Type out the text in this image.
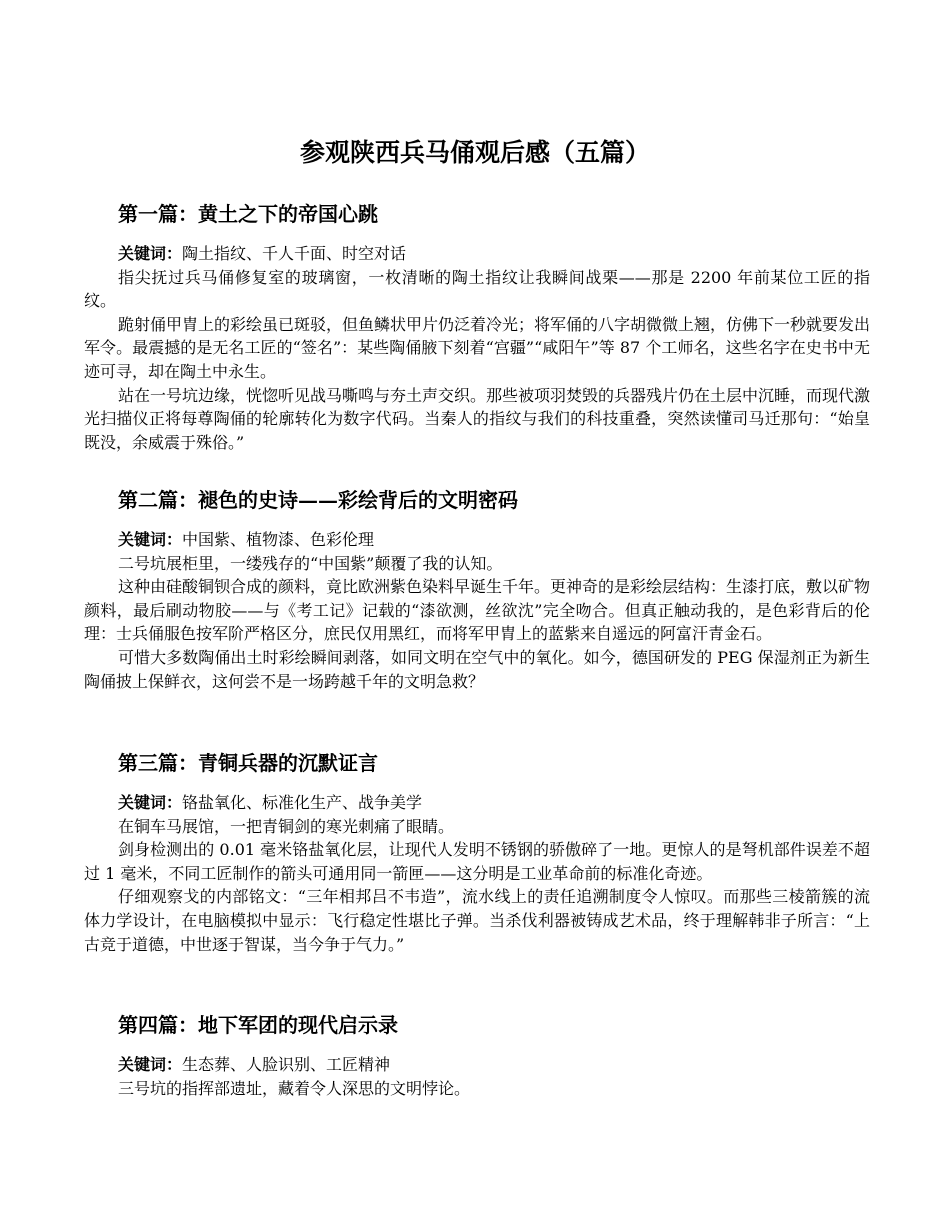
参观陕西兵马俑观后感（五篇）
第一篇：黄土之下的帝国心跳

关键词：陶土指纹、千人千面、时空对话

指尖抚过兵马俑修复室的玻璃窗，一枚清晰的陶土指纹让我瞬间战栗——那是 2200 年前某位工匠的指纹。

跪射俑甲胄上的彩绘虽已斑驳，但鱼鳞状甲片仍泛着冷光；将军俑的八字胡微微上翘，仿佛下一秒就要发出军令。最震撼的是无名工匠的“签名”：某些陶俑腋下刻着“宫疆”“咸阳午”等 87 个工师名，这些名字在史书中无迹可寻，却在陶土中永生。

站在一号坑边缘，恍惚听见战马嘶鸣与夯土声交织。那些被项羽焚毁的兵器残片仍在土层中沉睡，而现代激光扫描仪正将每尊陶俑的轮廓转化为数字代码。当秦人的指纹与我们的科技重叠，突然读懂司马迁那句：“始皇既没，余威震于殊俗。”

第二篇：褪色的史诗——彩绘背后的文明密码

关键词：中国紫、植物漆、色彩伦理

二号坑展柜里，一缕残存的“中国紫”颠覆了我的认知。

这种由硅酸铜钡合成的颜料，竟比欧洲紫色染料早诞生千年。更神奇的是彩绘层结构：生漆打底，敷以矿物颜料，最后刷动物胶——与《考工记》记载的“漆欲测，丝欲沈”完全吻合。但真正触动我的，是色彩背后的伦理：士兵俑服色按军阶严格区分，庶民仅用黑红，而将军甲胄上的蓝紫来自遥远的阿富汗青金石。

可惜大多数陶俑出土时彩绘瞬间剥落，如同文明在空气中的氧化。如今，德国研发的 PEG 保湿剂正为新生陶俑披上保鲜衣，这何尝不是一场跨越千年的文明急救？

第三篇：青铜兵器的沉默证言

关键词：铬盐氧化、标准化生产、战争美学

在铜车马展馆，一把青铜剑的寒光刺痛了眼睛。

剑身检测出的 0.01 毫米铬盐氧化层，让现代人发明不锈钢的骄傲碎了一地。更惊人的是弩机部件误差不超过 1 毫米，不同工匠制作的箭头可通用同一箭匣——这分明是工业革命前的标准化奇迹。

仔细观察戈的内部铭文：“三年相邦吕不韦造”，流水线上的责任追溯制度令人惊叹。而那些三棱箭簇的流体力学设计，在电脑模拟中显示：飞行稳定性堪比子弹。当杀伐利器被铸成艺术品，终于理解韩非子所言：“上古竞于道德，中世逐于智谋，当今争于气力。”

第四篇：地下军团的现代启示录

关键词：生态葬、人脸识别、工匠精神

三号坑的指挥部遗址，藏着令人深思的文明悖论。
